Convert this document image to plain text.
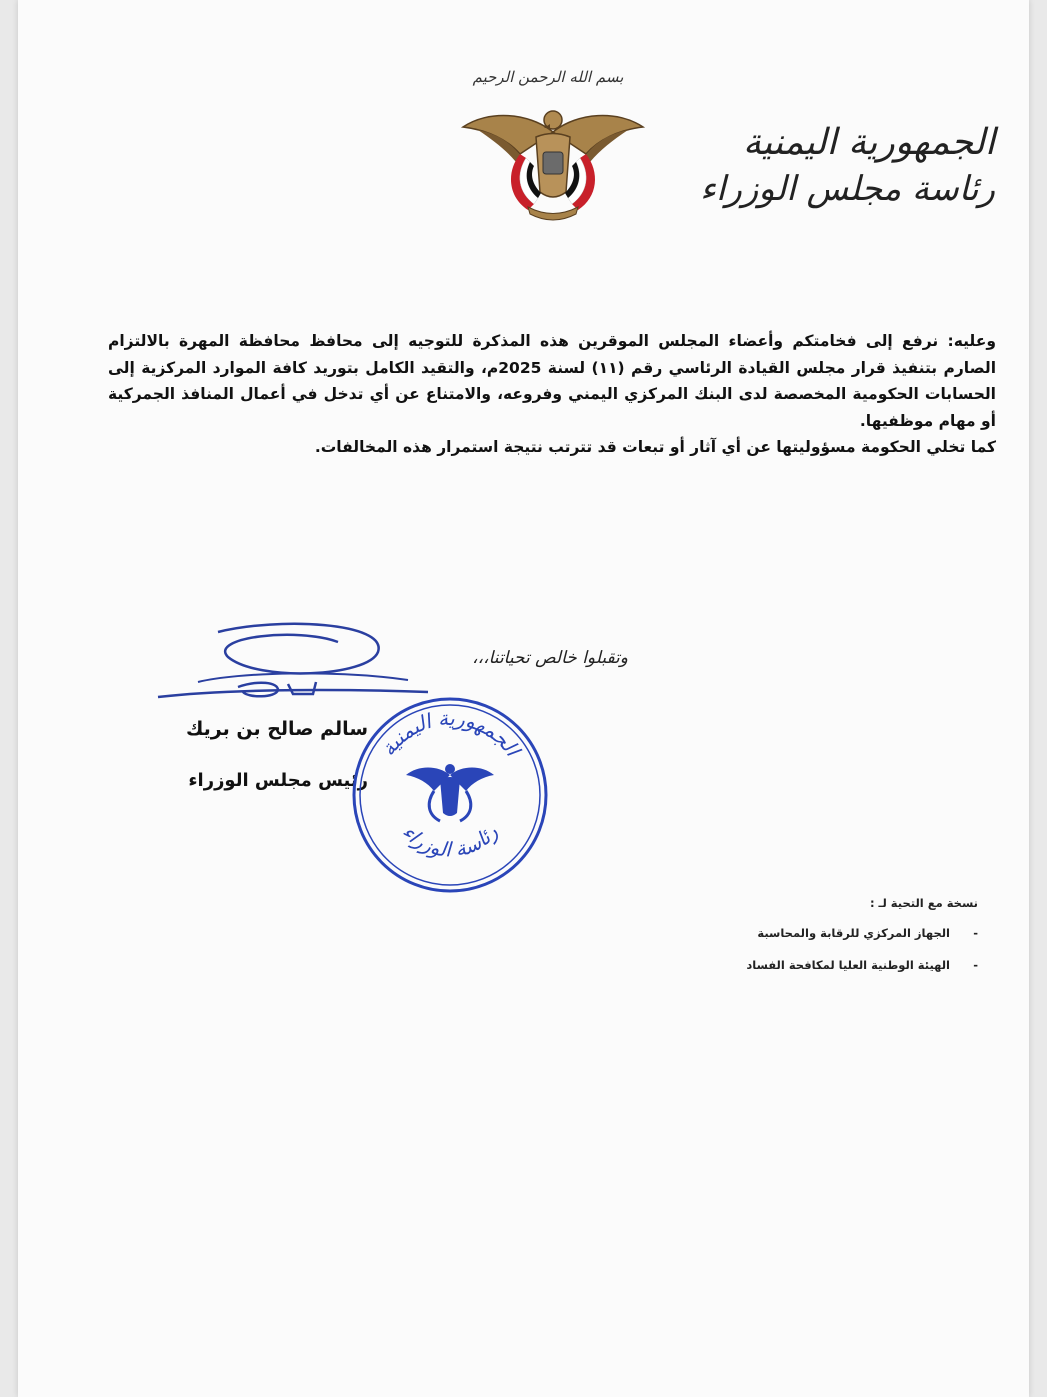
بسم الله الرحمن الرحيم
الجمهورية اليمنية
رئاسة مجلس الوزراء

وعليه: نرفع إلى فخامتكم وأعضاء المجلس الموقرين هذه المذكرة للتوجيه إلى محافظ محافظة المهرة بالالتزام الصارم بتنفيذ قرار مجلس القيادة الرئاسي رقم (١١) لسنة 2025م، والتقيد الكامل بتوريد كافة الموارد المركزية إلى الحسابات الحكومية المخصصة لدى البنك المركزي اليمني وفروعه، والامتناع عن أي تدخل في أعمال المنافذ الجمركية أو مهام موظفيها.

كما تخلي الحكومة مسؤوليتها عن أي آثار أو تبعات قد تترتب نتيجة استمرار هذه المخالفات.

وتقبلوا خالص تحياتنا،،،
سالم صالح بن بريك
رئيس مجلس الوزراء
الجمهورية اليمنية
رئاسة الوزراء
نسخة مع التحية لـ :
-الجهاز المركزي للرقابة والمحاسبة
-الهيئة الوطنية العليا لمكافحة الفساد
